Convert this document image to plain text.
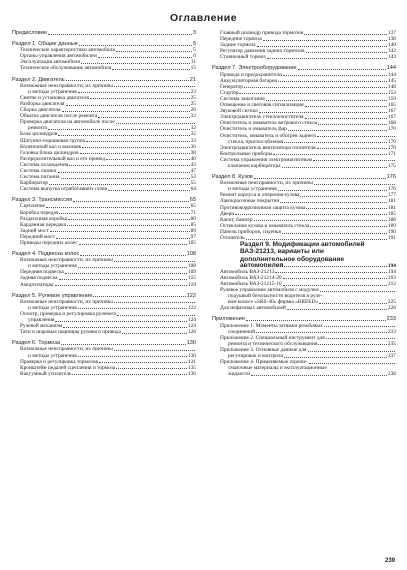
Оглавление
Предисловие	3
Раздел 1. Общие данные	5
Технические характеристики автомобиля	5
Органы управления автомобилем	6
Эксплуатация автомобиля	11
Техническое обслуживание автомобиля	15
Раздел 2. Двигатель	21
Возможные неисправности, их причины
и методы устранения	23
Снятие и установка двигателя	25
Разборка двигателя	25
Сборка двигателя	26
Обкатка двигателя после ремонта	32
Проверка двигателя на автомобиле после
ремонта	32
Блок цилиндров	32
Шатунно-поршневая группа	33
Коленчатый вал и маховик	36
Головка блока цилиндров	38
Распределительный вал и его привод	40
Система охлаждения	43
Система смазки	47
Система питания	53
Карбюратор	55
Система выпуска отработавших газов	64
Раздел 3. Трансмиссия	65
Сцепление	65
Коробка передач	71
Раздаточная коробка	80
Карданная передача	85
Задний мост	89
Передний мост	97
Приводы передних колес	105
Раздел 4. Подвеска колес	108
Возможные неисправности, их причины
и методы устранения	108
Передняя подвеска	109
Задняя подвеска	115
Амортизаторы	119
Раздел 5. Рулевое управление	122
Возможные неисправности, их причины
и методы устранения	122
Осмотр, проверка и регулировка рулевого
управления	124
Рулевой механизм	124
Тяги и шаровые шарниры рулевого привода	128
Раздел 6. Тормоза	130
Возможные неисправности, их причины
и методы устранения	130
Проверка и регулировка тормозов	131
Кронштейн педалей сцепления и тормоза	135
Вакуумный усилитель	136
Главный цилиндр привода тормозов	137
Передние тормоза	138
Задние тормоза	140
Регулятор давления задних тормозов	142
Стояночный тормоз	143
Раздел 7. Электрооборудование	144
Провода и предохранители	144
Аккумуляторная батарея	145
Генератор	148
Стартер	153
Система зажигания	159
Освещение и световая сигнализация	165
Звуковой сигнал	167
Электродвигатель стеклоочистителя	167
Очиститель и омыватель ветрового стекла	168
Очиститель и омыватель фар	170
Очиститель, омыватель и обогрев заднего
стекла, приспособления	170
Электродвигатель вентилятора отопителя	170
Контрольные приборы	171
Система управления электромагнитным
клапаном карбюратора	175
Раздел 8. Кузов	176
Возможные неисправности, их причины
и методы устранения	176
Ремонт корпуса и оперения кузова	177
Лакокрасочные покрытия	181
Противокоррозионная защита кузова	181
Двери	185
Капот, бампер	188
Остекление кузова и омыватель стекла	189
Панель приборов, сиденья	190
Отопитель	191
Раздел 9. Модификации автомобилей
ВАЗ-21213, варианты или
дополнительное оборудование
автомобилей	194
Автомобиль ВАЗ-21213	194
Автомобиль ВАЗ-21214-20	203
Автомобиль ВАЗ-21215-10	212
Рулевое управление автомобиля с модулем
подушкой безопасности водителя в руле-
вом колесе «SRS-40» фирмы «BREED»	225
Для нефазовых автомобилей	228
Приложения	233
Приложение 1. Моменты затяжки резьбовых
соединений	233
Приложение 2. Специальный инструмент для
ремонта и технического обслуживания	235
Приложение 3. Основные данные для
регулировок и контроля	237
Приложение 4. Применяемые горюче-
смазочные материалы и эксплуатационные
жидкости	238
239
